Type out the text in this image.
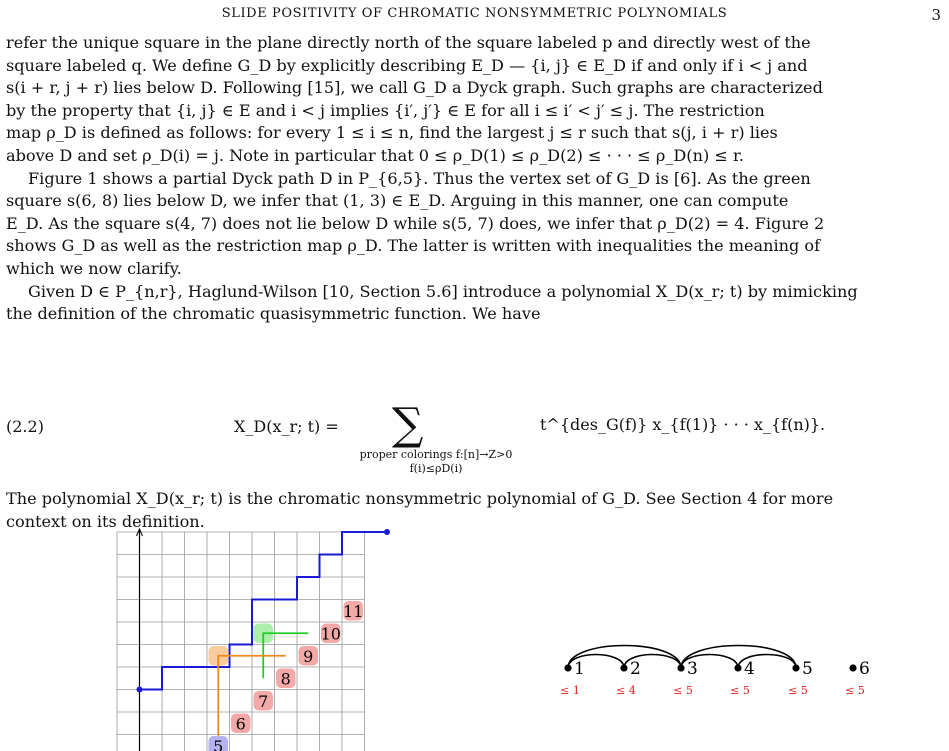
SLIDE POSITIVITY OF CHROMATIC NONSYMMETRIC POLYNOMIALS	3

refer the unique square in the plane directly north of the square labeled p and directly west of the

square labeled q. We define G_D by explicitly describing E_D — {i, j} ∈ E_D if and only if i < j and

s(i + r, j + r) lies below D. Following [15], we call G_D a Dyck graph. Such graphs are characterized

by the property that {i, j} ∈ E and i < j implies {i′, j′} ∈ E for all i ≤ i′ < j′ ≤ j. The restriction

map ρ_D is defined as follows: for every 1 ≤ i ≤ n, find the largest j ≤ r such that s(j, i + r) lies

above D and set ρ_D(i) = j. Note in particular that 0 ≤ ρ_D(1) ≤ ρ_D(2) ≤ · · · ≤ ρ_D(n) ≤ r.

Figure 1 shows a partial Dyck path D in P_{6,5}. Thus the vertex set of G_D is [6]. As the green

square s(6, 8) lies below D, we infer that (1, 3) ∈ E_D. Arguing in this manner, one can compute

E_D. As the square s(4, 7) does not lie below D while s(5, 7) does, we infer that ρ_D(2) = 4. Figure 2

shows G_D as well as the restriction map ρ_D. The latter is written with inequalities the meaning of

which we now clarify.

Given D ∈ P_{n,r}, Haglund-Wilson [10, Section 5.6] introduce a polynomial X_D(x_r; t) by mimicking

the definition of the chromatic quasisymmetric function. We have

(2.2)	X_D(x_r; t) = ∑
proper colorings f:[n]→Z>0
f(i)≤ρD(i)
t^{des_G(f)} x_{f(1)} · · · x_{f(n)}.

The polynomial X_D(x_r; t) is the chromatic nonsymmetric polynomial of G_D. See Section 4 for more

context on its definition.

5
6
7
8
9
10
11
1	2	3	4	5	6
≤ 1	≤ 4	≤ 5	≤ 5	≤ 5	≤ 5
